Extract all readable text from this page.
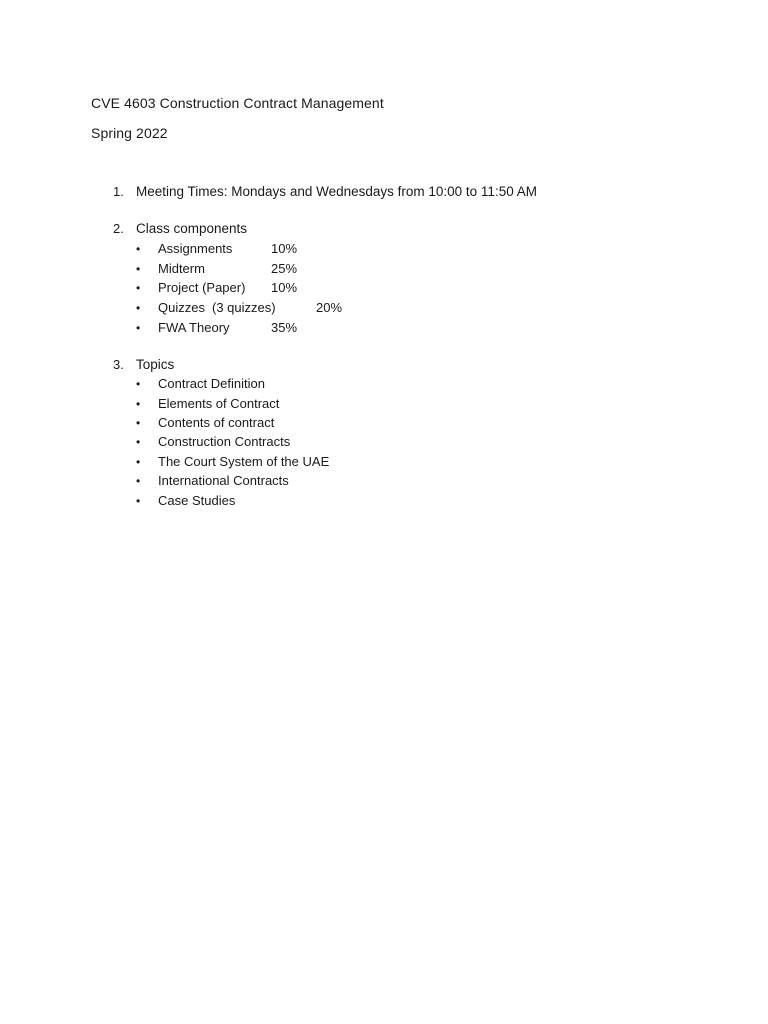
CVE 4603 Construction Contract Management
Spring 2022
1. Meeting Times: Mondays and Wednesdays from 10:00 to 11:50 AM
2. Class components
• Assignments	10%
• Midterm	25%
• Project (Paper) 10%
• Quizzes (3 quizzes)	20%
• FWA Theory	35%
3. Topics
• Contract Definition
• Elements of Contract
• Contents of contract
• Construction Contracts
• The Court System of the UAE
• International Contracts
• Case Studies
